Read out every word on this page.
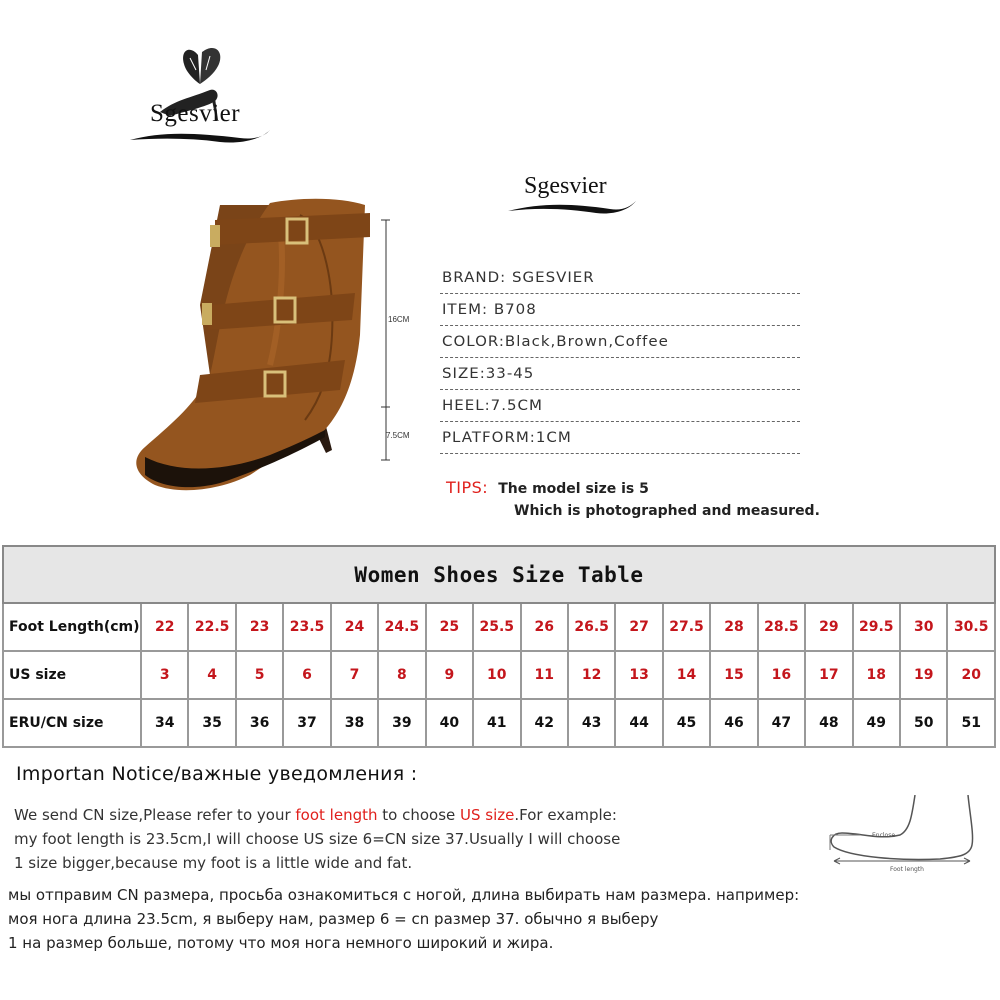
Sgesvier
Sgesvier
16CM
7.5CM
BRAND: SGESVIER
ITEM: B708
COLOR:Black,Brown,Coffee
SIZE:33-45
HEEL:7.5CM
PLATFORM:1CM
TIPS: The model size is 5
Which is photographed and measured.
Women Shoes Size Table																		
Foot Length(cm)	22	22.5	23	23.5	24	24.5	25	25.5	26	26.5	27	27.5	28	28.5	29	29.5	30	30.5
US size	3	4	5	6	7	8	9	10	11	12	13	14	15	16	17	18	19	20
ERU/CN size	34	35	36	37	38	39	40	41	42	43	44	45	46	47	48	49	50	51
Importan Notice/важные уведомления :
We send CN size,Please refer to your foot length to choose US size.For example:
my foot length is 23.5cm,I will choose US size 6=CN size 37.Usually I will choose
1 size bigger,because my foot is a little wide and fat.
мы отправим CN размера, просьба ознакомиться с ногой, длина выбирать нам размера. например:
моя нога длина 23.5cm, я выберу нам, размер 6 = cn размер 37. обычно я выберу
1 на размер больше, потому что моя нога немного широкий и жира.
Enclose
Foot length
